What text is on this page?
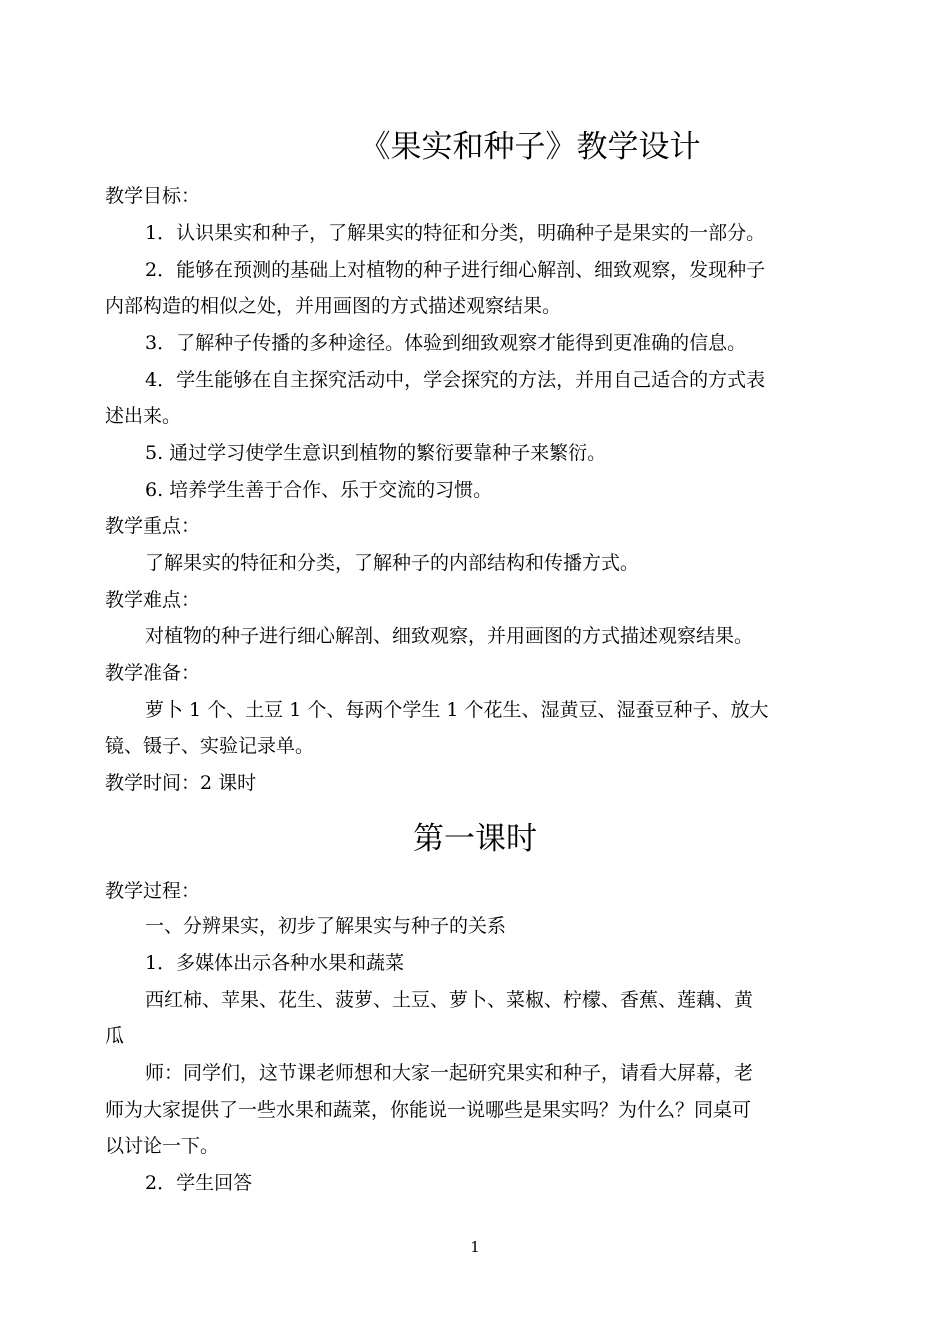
《果实和种子》教学设计
教学目标：
1．认识果实和种子，了解果实的特征和分类，明确种子是果实的一部分。
2．能够在预测的基础上对植物的种子进行细心解剖、细致观察，发现种子
内部构造的相似之处，并用画图的方式描述观察结果。
3．了解种子传播的多种途径。体验到细致观察才能得到更准确的信息。
4．学生能够在自主探究活动中，学会探究的方法，并用自己适合的方式表
述出来。
5. 通过学习使学生意识到植物的繁衍要靠种子来繁衍。
6. 培养学生善于合作、乐于交流的习惯。
教学重点：
了解果实的特征和分类，了解种子的内部结构和传播方式。
教学难点：
对植物的种子进行细心解剖、细致观察，并用画图的方式描述观察结果。
教学准备：
萝卜 1 个、土豆 1 个、每两个学生 1 个花生、湿黄豆、湿蚕豆种子、放大
镜、镊子、实验记录单。
教学时间：2 课时
第一课时
教学过程：
一、分辨果实，初步了解果实与种子的关系
1．多媒体出示各种水果和蔬菜
西红柿、苹果、花生、菠萝、土豆、萝卜、菜椒、柠檬、香蕉、莲藕、黄
瓜
师：同学们，这节课老师想和大家一起研究果实和种子，请看大屏幕，老
师为大家提供了一些水果和蔬菜，你能说一说哪些是果实吗？为什么？同桌可
以讨论一下。
2．学生回答
1
